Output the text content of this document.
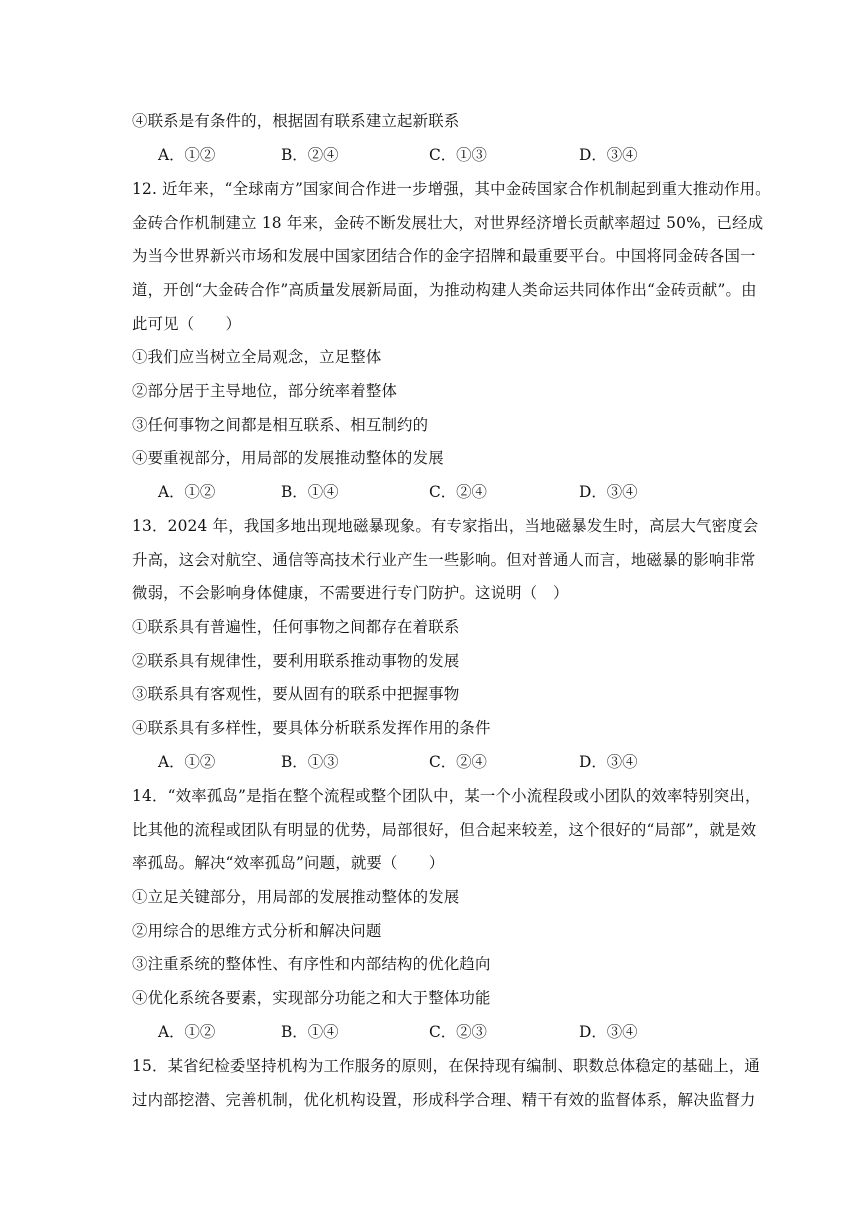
④联系是有条件的，根据固有联系建立起新联系
A．①②	B．②④	C．①③	D．③④
12. 近年来，“全球南方”国家间合作进一步增强，其中金砖国家合作机制起到重大推动作用。
金砖合作机制建立 18 年来，金砖不断发展壮大，对世界经济增长贡献率超过 50%，已经成
为当今世界新兴市场和发展中国家团结合作的金字招牌和最重要平台。中国将同金砖各国一
道，开创“大金砖合作”高质量发展新局面，为推动构建人类命运共同体作出“金砖贡献”。由
此可见（　　）
①我们应当树立全局观念，立足整体
②部分居于主导地位，部分统率着整体
③任何事物之间都是相互联系、相互制约的
④要重视部分，用局部的发展推动整体的发展
A．①②	B．①④	C．②④	D．③④
13．2024 年，我国多地出现地磁暴现象。有专家指出，当地磁暴发生时，高层大气密度会
升高，这会对航空、通信等高技术行业产生一些影响。但对普通人而言，地磁暴的影响非常
微弱，不会影响身体健康，不需要进行专门防护。这说明（　）
①联系具有普遍性，任何事物之间都存在着联系
②联系具有规律性，要利用联系推动事物的发展
③联系具有客观性，要从固有的联系中把握事物
④联系具有多样性，要具体分析联系发挥作用的条件
A．①②	B．①③	C．②④	D．③④
14．“效率孤岛”是指在整个流程或整个团队中，某一个小流程段或小团队的效率特别突出，
比其他的流程或团队有明显的优势，局部很好，但合起来较差，这个很好的“局部”，就是效
率孤岛。解决“效率孤岛”问题，就要（　　）
①立足关键部分，用局部的发展推动整体的发展
②用综合的思维方式分析和解决问题
③注重系统的整体性、有序性和内部结构的优化趋向
④优化系统各要素，实现部分功能之和大于整体功能
A．①②	B．①④	C．②③	D．③④
15．某省纪检委坚持机构为工作服务的原则，在保持现有编制、职数总体稳定的基础上，通
过内部挖潜、完善机制，优化机构设置，形成科学合理、精干有效的监督体系，解决监督力
